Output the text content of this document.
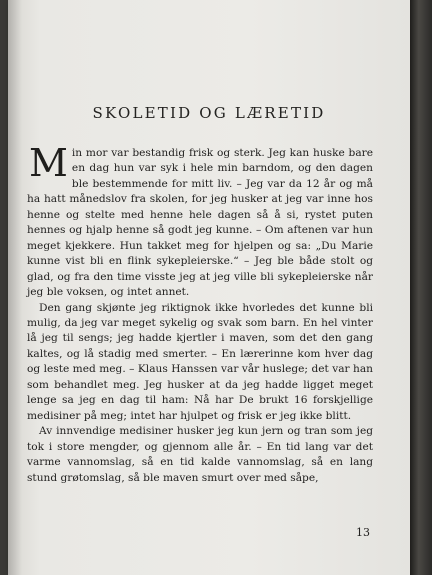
SKOLETID OG LÆRETID

Min mor var bestandig frisk og sterk. Jeg kan huske bare en dag hun var syk i hele min barndom, og den dagen ble bestemmende for mitt liv. – Jeg var da 12 år og må ha hatt månedslov fra skolen, for jeg husker at jeg var inne hos henne og stelte med henne hele dagen så å si, rystet puten hennes og hjalp henne så godt jeg kunne. – Om aftenen var hun meget kjekkere. Hun takket meg for hjelpen og sa: „Du Marie kunne vist bli en flink sykepleierske.“ – Jeg ble både stolt og glad, og fra den time visste jeg at jeg ville bli sykepleierske når jeg ble voksen, og intet annet.

Den gang skjønte jeg riktignok ikke hvorledes det kunne bli mulig, da jeg var meget sykelig og svak som barn. En hel vinter lå jeg til sengs; jeg hadde kjertler i maven, som det den gang kaltes, og lå stadig med smerter. – En lærerinne kom hver dag og leste med meg. – Klaus Hanssen var vår huslege; det var han som behandlet meg. Jeg husker at da jeg hadde ligget meget lenge sa jeg en dag til ham: Nå har De brukt 16 forskjellige medisiner på meg; intet har hjulpet og frisk er jeg ikke blitt.

Av innvendige medisiner husker jeg kun jern og tran som jeg tok i store mengder, og gjennom alle år. – En tid lang var det varme vannomslag, så en tid kalde vannomslag, så en lang stund grøtomslag, så ble maven smurt over med såpe,

13
